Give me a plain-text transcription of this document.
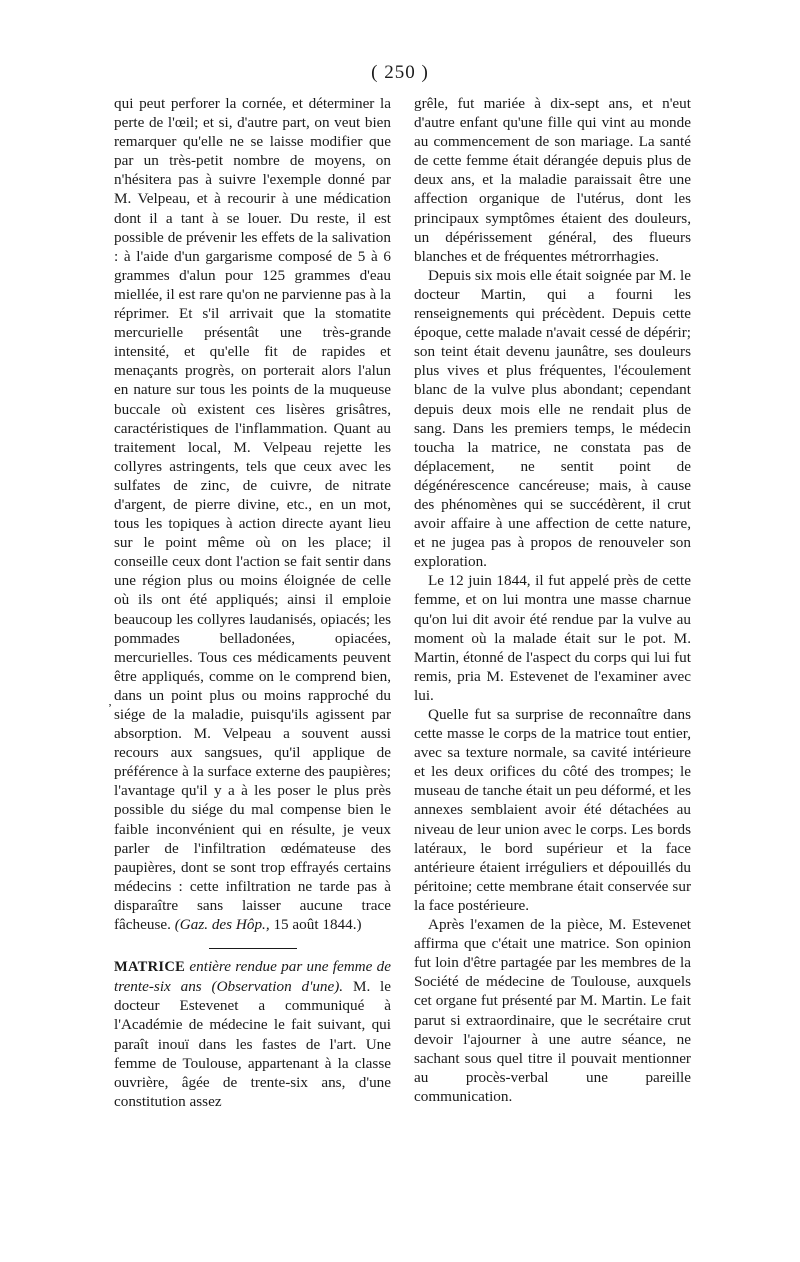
( 250 )
‚

qui peut perforer la cornée, et déterminer la perte de l'œil; et si, d'autre part, on veut bien remarquer qu'elle ne se laisse modifier que par un très-petit nombre de moyens, on n'hésitera pas à suivre l'exemple donné par M. Velpeau, et à recourir à une médication dont il a tant à se louer. Du reste, il est possible de prévenir les effets de la salivation : à l'aide d'un gargarisme composé de 5 à 6 grammes d'alun pour 125 grammes d'eau miellée, il est rare qu'on ne parvienne pas à la réprimer. Et s'il arrivait que la stomatite mercurielle présentât une très-grande intensité, et qu'elle fit de rapides et menaçants progrès, on porterait alors l'alun en nature sur tous les points de la muqueuse buccale où existent ces lisères grisâtres, caractéristiques de l'inflammation. Quant au traitement local, M. Velpeau rejette les collyres astringents, tels que ceux avec les sulfates de zinc, de cuivre, de nitrate d'argent, de pierre divine, etc., en un mot, tous les topiques à action directe ayant lieu sur le point même où on les place; il conseille ceux dont l'action se fait sentir dans une région plus ou moins éloignée de celle où ils ont été appliqués; ainsi il emploie beaucoup les collyres laudanisés, opiacés; les pommades belladonées, opiacées, mercurielles. Tous ces médicaments peuvent être appliqués, comme on le comprend bien, dans un point plus ou moins rapproché du siége de la maladie, puisqu'ils agissent par absorption. M. Velpeau a souvent aussi recours aux sangsues, qu'il applique de préférence à la surface externe des paupières; l'avantage qu'il y a à les poser le plus près possible du siége du mal compense bien le faible inconvénient qui en résulte, je veux parler de l'infiltration œdémateuse des paupières, dont se sont trop effrayés certains médecins : cette infiltration ne tarde pas à disparaître sans laisser aucune trace fâcheuse. (Gaz. des Hôp., 15 août 1844.)

MATRICE entière rendue par une femme de trente-six ans (Observation d'une). M. le docteur Estevenet a communiqué à l'Académie de médecine le fait suivant, qui paraît inouï dans les fastes de l'art. Une femme de Toulouse, appartenant à la classe ouvrière, âgée de trente-six ans, d'une constitution assez

grêle, fut mariée à dix-sept ans, et n'eut d'autre enfant qu'une fille qui vint au monde au commencement de son mariage. La santé de cette femme était dérangée depuis plus de deux ans, et la maladie paraissait être une affection organique de l'utérus, dont les principaux symptômes étaient des douleurs, un dépérissement général, des flueurs blanches et de fréquentes métrorrhagies.

Depuis six mois elle était soignée par M. le docteur Martin, qui a fourni les renseignements qui précèdent. Depuis cette époque, cette malade n'avait cessé de dépérir; son teint était devenu jaunâtre, ses douleurs plus vives et plus fréquentes, l'écoulement blanc de la vulve plus abondant; cependant depuis deux mois elle ne rendait plus de sang. Dans les premiers temps, le médecin toucha la matrice, ne constata pas de déplacement, ne sentit point de dégénérescence cancéreuse; mais, à cause des phénomènes qui se succédèrent, il crut avoir affaire à une affection de cette nature, et ne jugea pas à propos de renouveler son exploration.

Le 12 juin 1844, il fut appelé près de cette femme, et on lui montra une masse charnue qu'on lui dit avoir été rendue par la vulve au moment où la malade était sur le pot. M. Martin, étonné de l'aspect du corps qui lui fut remis, pria M. Estevenet de l'examiner avec lui.

Quelle fut sa surprise de reconnaître dans cette masse le corps de la matrice tout entier, avec sa texture normale, sa cavité intérieure et les deux orifices du côté des trompes; le museau de tanche était un peu déformé, et les annexes semblaient avoir été détachées au niveau de leur union avec le corps. Les bords latéraux, le bord supérieur et la face antérieure étaient irréguliers et dépouillés du péritoine; cette membrane était conservée sur la face postérieure.

Après l'examen de la pièce, M. Estevenet affirma que c'était une matrice. Son opinion fut loin d'être partagée par les membres de la Société de médecine de Toulouse, auxquels cet organe fut présenté par M. Martin. Le fait parut si extraordinaire, que le secrétaire crut devoir l'ajourner à une autre séance, ne sachant sous quel titre il pouvait mentionner au procès-verbal une pareille communication.
